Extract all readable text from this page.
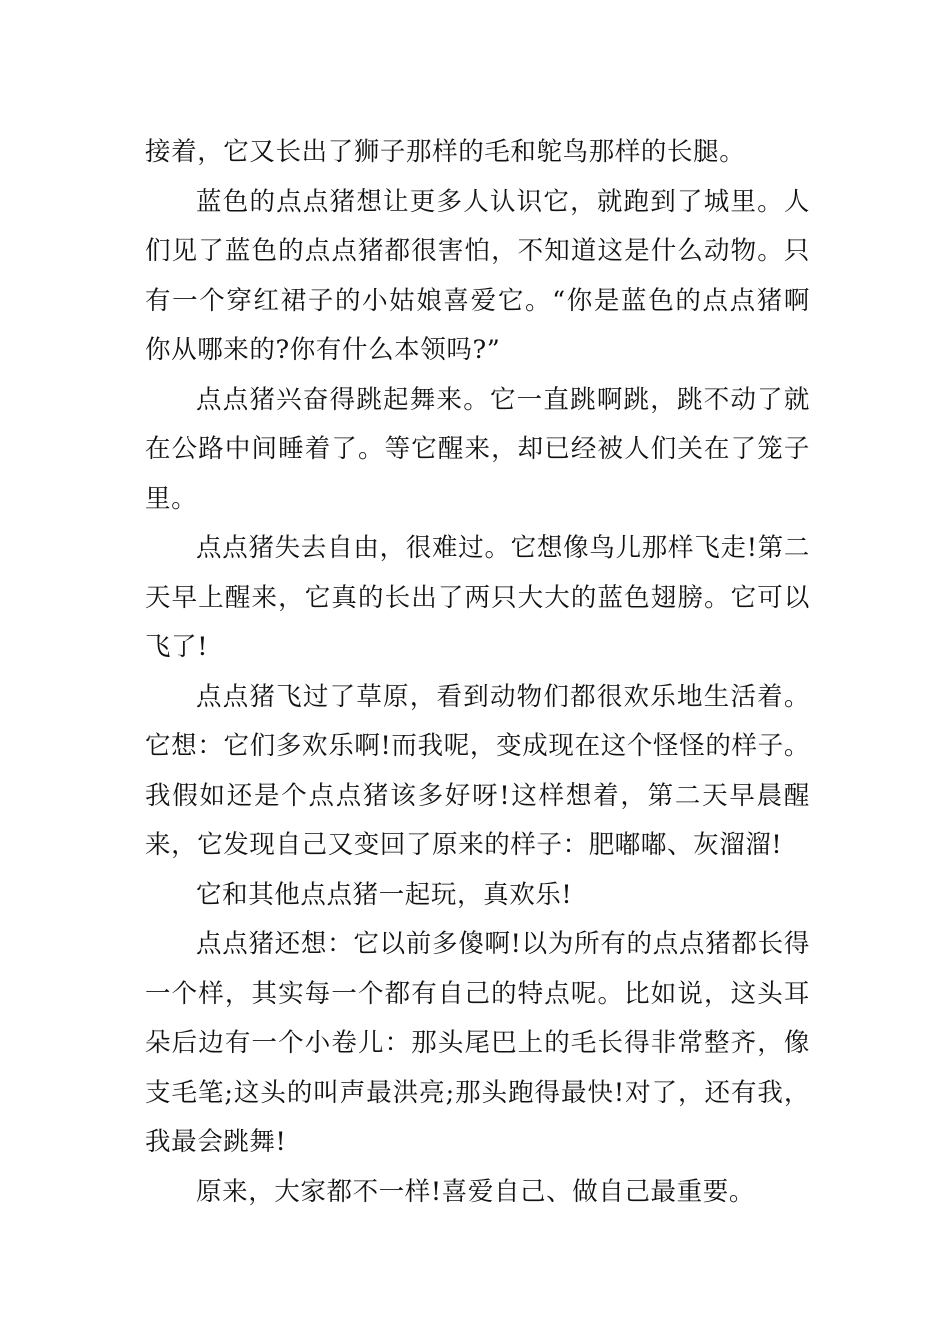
接着，它又长出了狮子那样的毛和鸵鸟那样的长腿。

蓝色的点点猪想让更多人认识它，就跑到了城里。人们见了蓝色的点点猪都很害怕，不知道这是什么动物。只有一个穿红裙子的小姑娘喜爱它。“你是蓝色的点点猪啊你从哪来的?你有什么本领吗?”

点点猪兴奋得跳起舞来。它一直跳啊跳，跳不动了就在公路中间睡着了。等它醒来，却已经被人们关在了笼子里。

点点猪失去自由，很难过。它想像鸟儿那样飞走!第二天早上醒来，它真的长出了两只大大的蓝色翅膀。它可以飞了!

点点猪飞过了草原，看到动物们都很欢乐地生活着。它想：它们多欢乐啊!而我呢，变成现在这个怪怪的样子。我假如还是个点点猪该多好呀!这样想着，第二天早晨醒来，它发现自己又变回了原来的样子：肥嘟嘟、灰溜溜!

它和其他点点猪一起玩，真欢乐!

点点猪还想：它以前多傻啊!以为所有的点点猪都长得一个样，其实每一个都有自己的特点呢。比如说，这头耳朵后边有一个小卷儿：那头尾巴上的毛长得非常整齐，像支毛笔;这头的叫声最洪亮;那头跑得最快!对了，还有我，我最会跳舞!

原来，大家都不一样!喜爱自己、做自己最重要。
